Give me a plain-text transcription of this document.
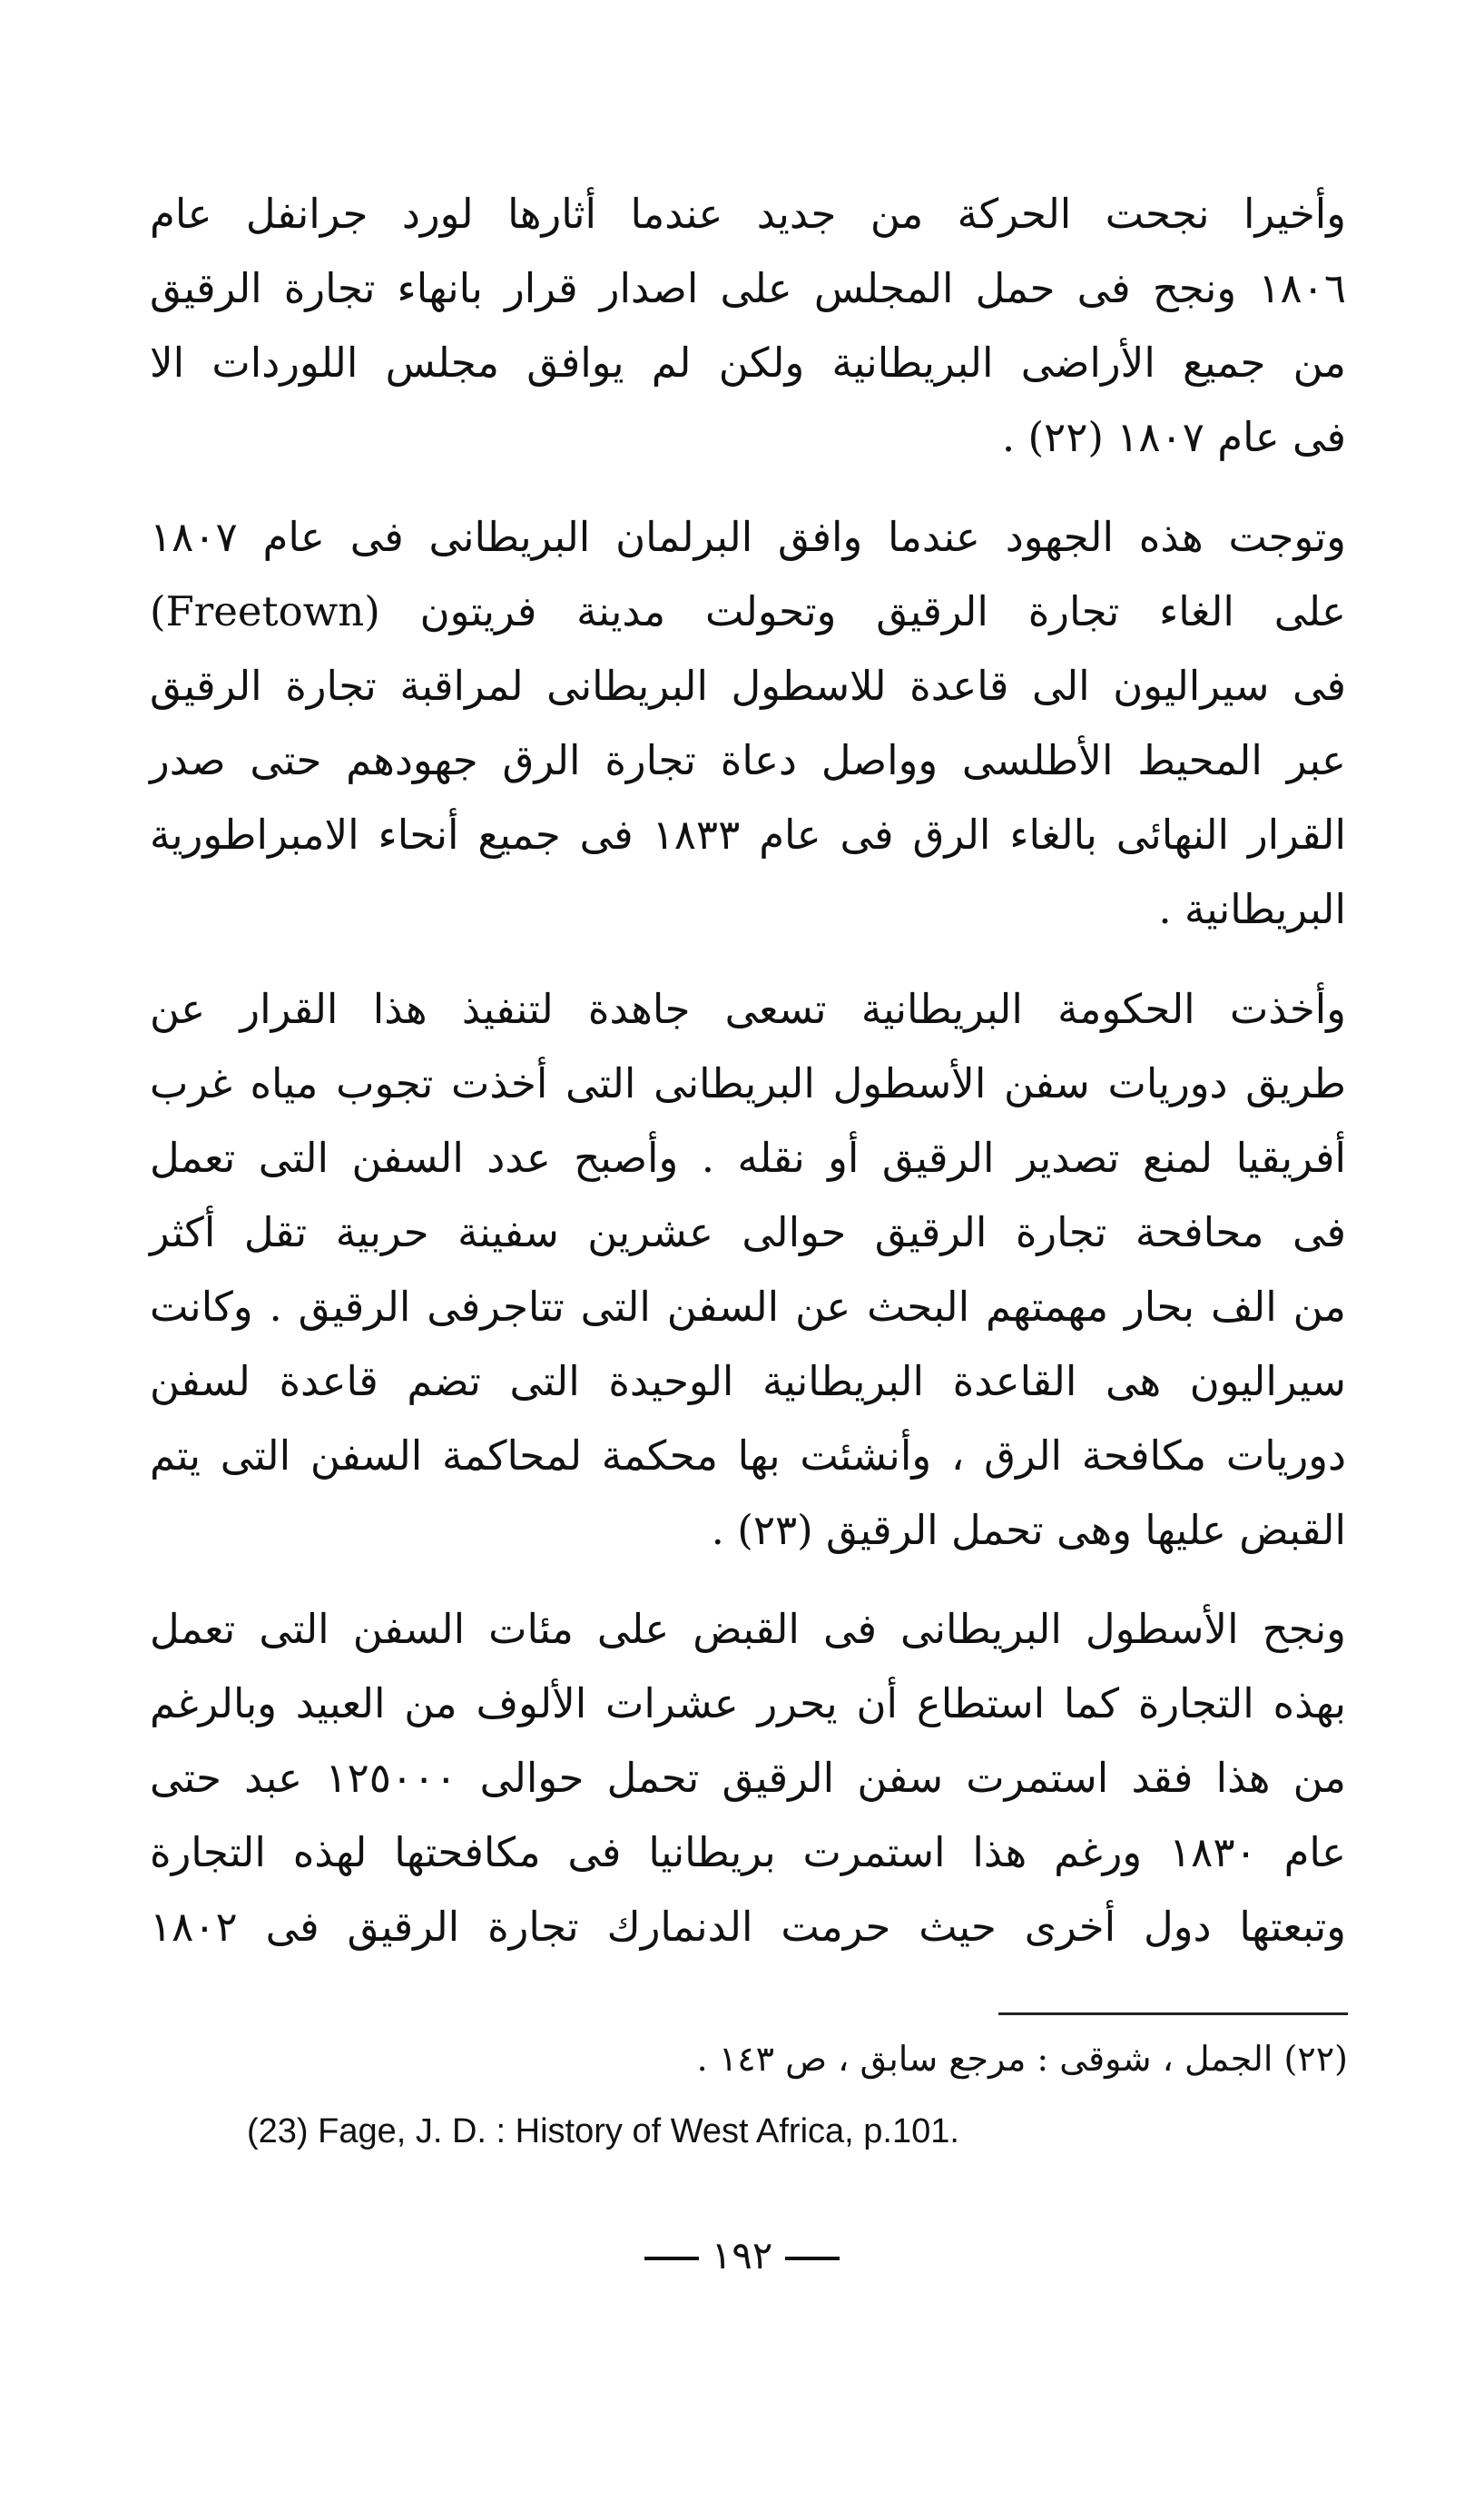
وأخيرا نجحت الحركة من جديد عندما أثارها لورد جرانفل عام
١٨٠٦ ونجح فى حمل المجلس على اصدار قرار بانهاء تجارة الرقيق
من جميع الأراضى البريطانية ولكن لم يوافق مجلس اللوردات الا
فى عام ١٨٠٧ (٢٢) .
وتوجت هذه الجهود عندما وافق البرلمان البريطانى فى عام ١٨٠٧
على الغاء تجارة الرقيق وتحولت مدينة فريتون (Freetown)
فى سيراليون الى قاعدة للاسطول البريطانى لمراقبة تجارة الرقيق
عبر المحيط الأطلسى وواصل دعاة تجارة الرق جهودهم حتى صدر
القرار النهائى بالغاء الرق فى عام ١٨٣٣ فى جميع أنحاء الامبراطورية
البريطانية .
وأخذت الحكومة البريطانية تسعى جاهدة لتنفيذ هذا القرار عن
طريق دوريات سفن الأسطول البريطانى التى أخذت تجوب مياه غرب
أفريقيا لمنع تصدير الرقيق أو نقله . وأصبح عدد السفن التى تعمل
فى محافحة تجارة الرقيق حوالى عشرين سفينة حربية تقل أكثر
من الف بحار مهمتهم البحث عن السفن التى تتاجرفى الرقيق . وكانت
سيراليون هى القاعدة البريطانية الوحيدة التى تضم قاعدة لسفن
دوريات مكافحة الرق ، وأنشئت بها محكمة لمحاكمة السفن التى يتم
القبض عليها وهى تحمل الرقيق (٢٣) .
ونجح الأسطول البريطانى فى القبض على مئات السفن التى تعمل
بهذه التجارة كما استطاع أن يحرر عشرات الألوف من العبيد وبالرغم
من هذا فقد استمرت سفن الرقيق تحمل حوالى ١٢٥٠٠٠ عبد حتى
عام ١٨٣٠ ورغم هذا استمرت بريطانيا فى مكافحتها لهذه التجارة
وتبعتها دول أخرى حيث حرمت الدنمارك تجارة الرقيق فى ١٨٠٢
(٢٢) الجمل ، شوقى : مرجع سابق ، ص ١٤٣ .
(23) Fage, J. D. : History of West Africa, p.101.
١٩٢
